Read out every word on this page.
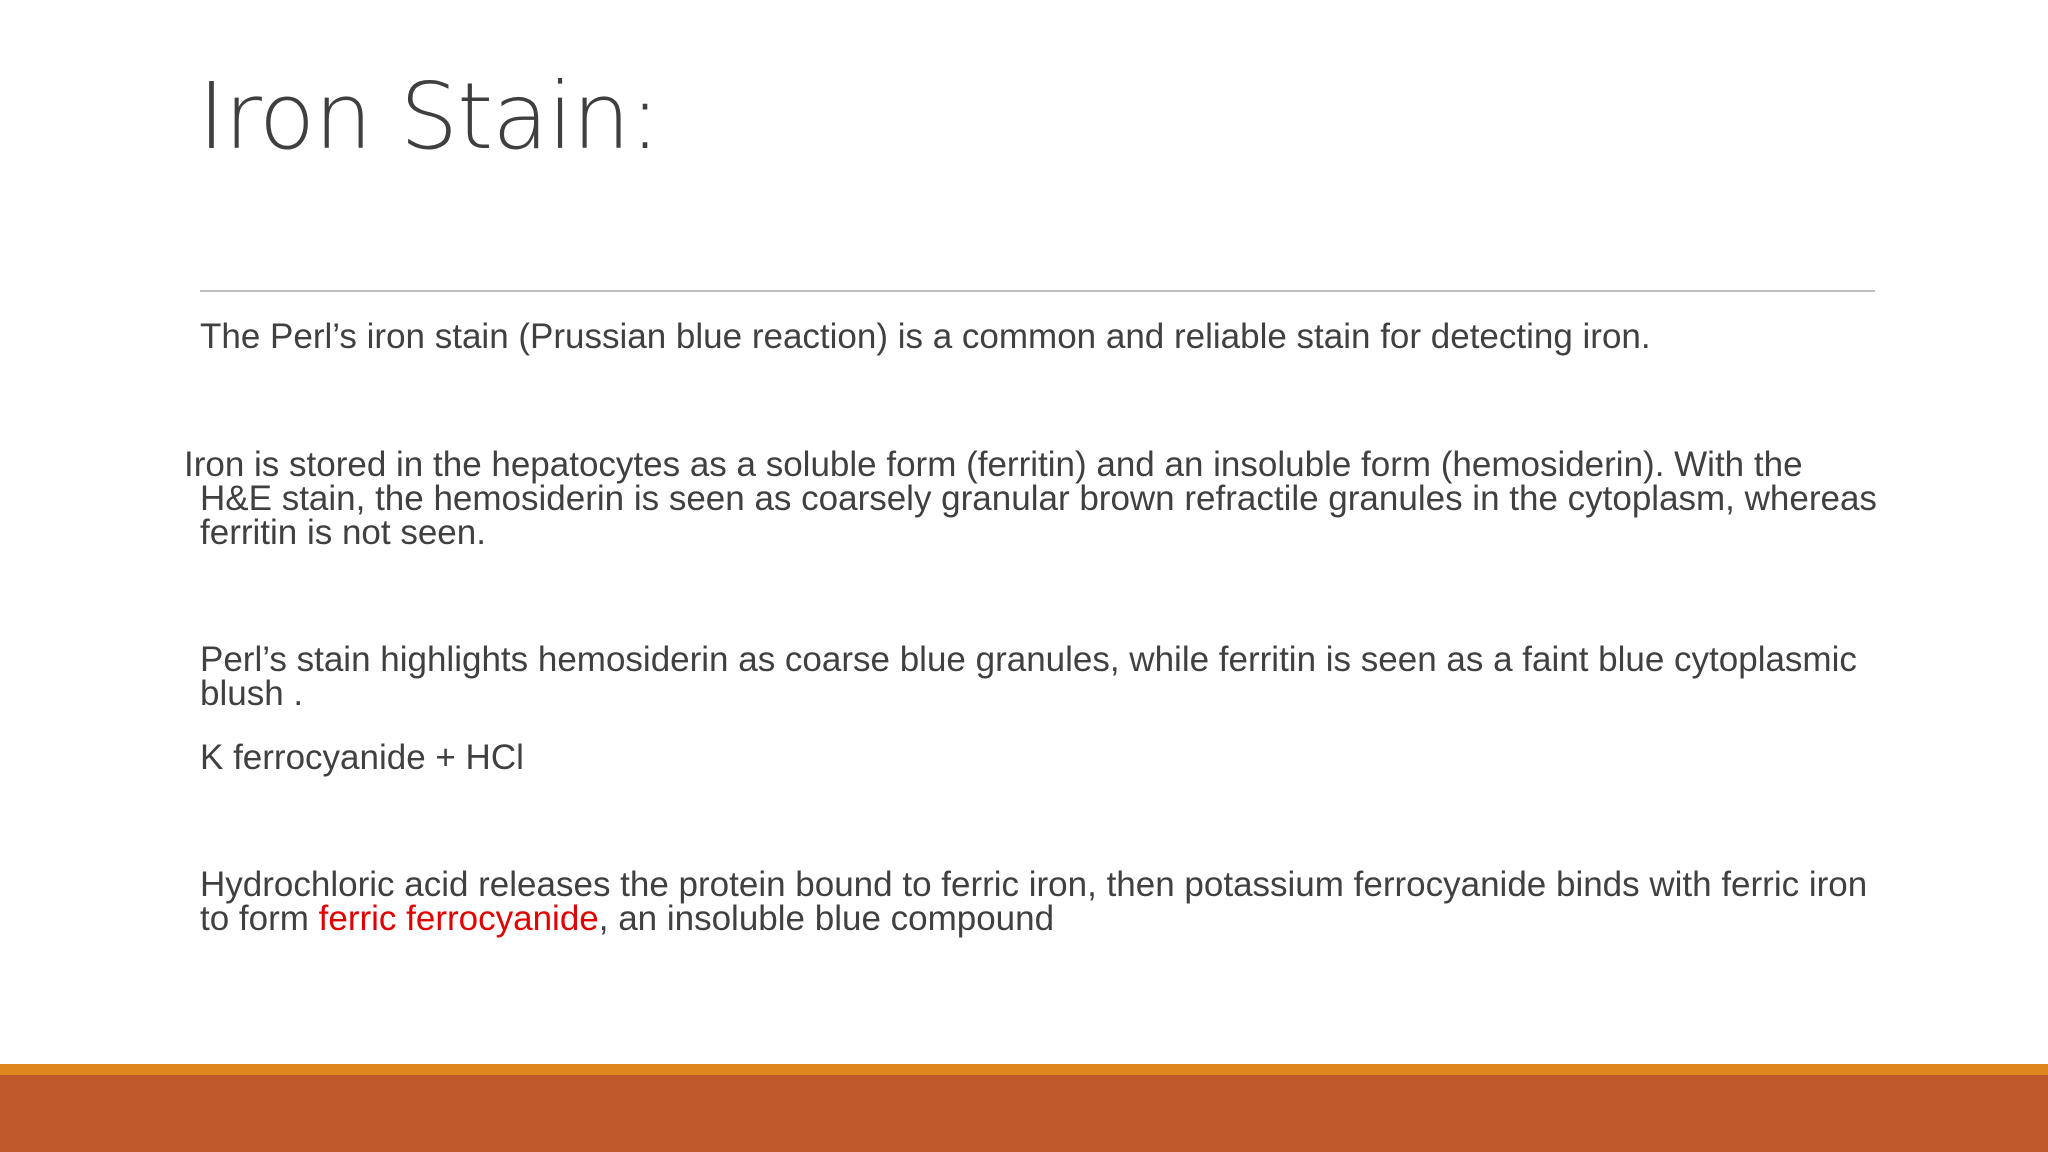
Iron Stain:
The Perl’s iron stain (Prussian blue reaction) is a common and reliable stain for detecting iron.
Iron is stored in the hepatocytes as a soluble form (ferritin) and an insoluble form (hemosiderin). With the H&E stain, the hemosiderin is seen as coarsely granular brown refractile granules in the cytoplasm, whereas ferritin is not seen.
Perl’s stain highlights hemosiderin as coarse blue granules, while ferritin is seen as a faint blue cytoplasmic blush .
K ferrocyanide + HCl
Hydrochloric acid releases the protein bound to ferric iron, then potassium ferrocyanide binds with ferric iron to form ferric ferrocyanide, an insoluble blue compound
